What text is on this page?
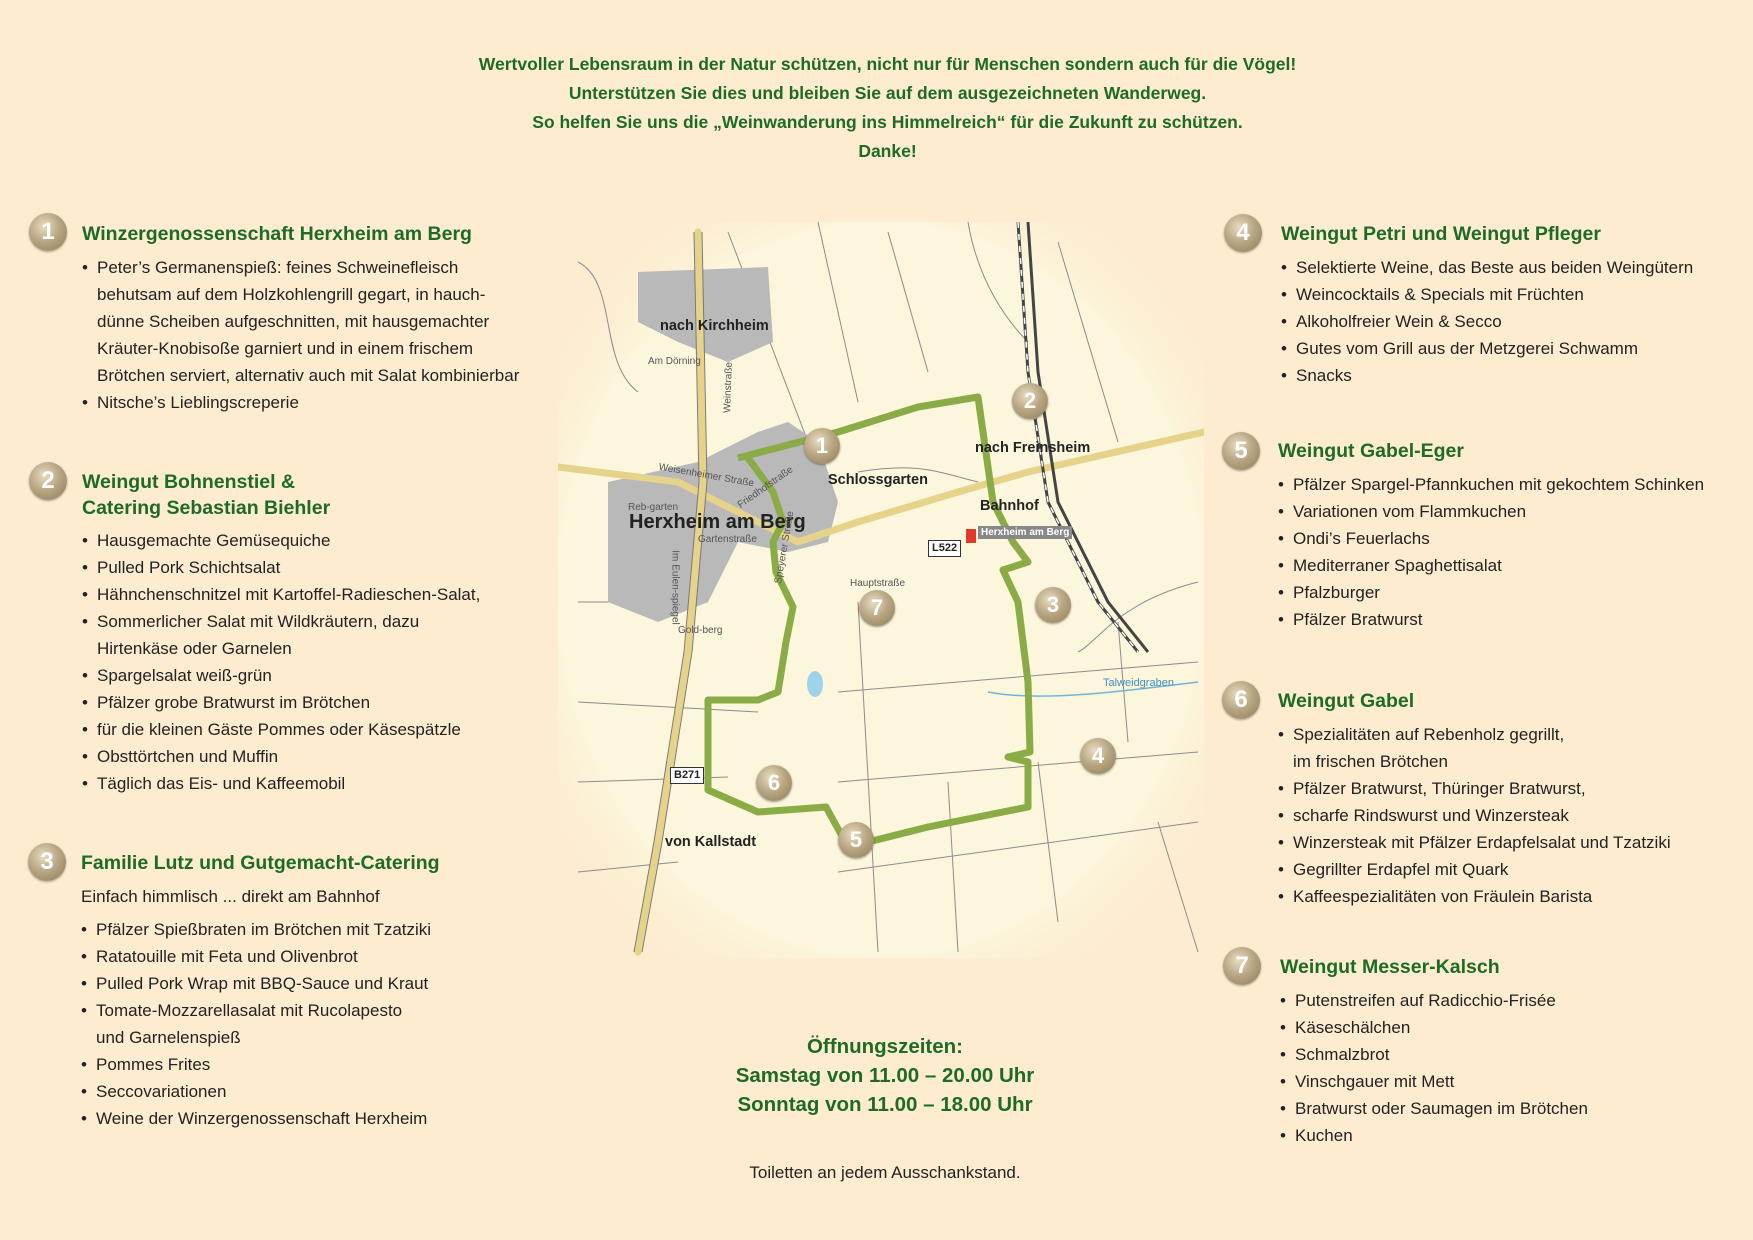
Wertvoller Lebensraum in der Natur schützen, nicht nur für Menschen sondern auch für die Vögel!
Unterstützen Sie dies und bleiben Sie auf dem ausgezeichneten Wanderweg.
So helfen Sie uns die „Weinwanderung ins Himmelreich“ für die Zukunft zu schützen.
Danke!
1	Winzergenossenschaft Herxheim am Berg
• Peter’s Germanenspieß: feines Schweinefleisch
behutsam auf dem Holzkohlengrill gegart, in hauch-
dünne Scheiben aufgeschnitten, mit hausgemachter
Kräuter-Knobisoße garniert und in einem frischem
Brötchen serviert, alternativ auch mit Salat kombinierbar
• Nitsche’s Lieblingscreperie
2	Weingut Bohnenstiel &
Catering Sebastian Biehler
• Hausgemachte Gemüsequiche
• Pulled Pork Schichtsalat
• Hähnchenschnitzel mit Kartoffel-Radieschen-Salat,
• Sommerlicher Salat mit Wildkräutern, dazu
Hirtenkäse oder Garnelen
• Spargelsalat weiß-grün
• Pfälzer grobe Bratwurst im Brötchen
• für die kleinen Gäste Pommes oder Käsespätzle
• Obsttörtchen und Muffin
• Täglich das Eis- und Kaffeemobil
3	Familie Lutz und Gutgemacht-Catering
Einfach himmlisch ... direkt am Bahnhof
• Pfälzer Spießbraten im Brötchen mit Tzatziki
• Ratatouille mit Feta und Olivenbrot
• Pulled Pork Wrap mit BBQ-Sauce und Kraut
• Tomate-Mozzarellasalat mit Rucolapesto
und Garnelenspieß
• Pommes Frites
• Seccovariationen
• Weine der Winzergenossenschaft Herxheim
4	Weingut Petri und Weingut Pfleger
• Selektierte Weine, das Beste aus beiden Weingütern
• Weincocktails & Specials mit Früchten
• Alkoholfreier Wein & Secco
• Gutes vom Grill aus der Metzgerei Schwamm
• Snacks
5	Weingut Gabel-Eger
• Pfälzer Spargel-Pfannkuchen mit gekochtem Schinken
• Variationen vom Flammkuchen
• Ondi’s Feuerlachs
• Mediterraner Spaghettisalat
• Pfalzburger
• Pfälzer Bratwurst
6	Weingut Gabel
• Spezialitäten auf Rebenholz gegrillt,
im frischen Brötchen
• Pfälzer Bratwurst, Thüringer Bratwurst,
• scharfe Rindswurst und Winzersteak
• Winzersteak mit Pfälzer Erdapfelsalat und Tzatziki
• Gegrillter Erdapfel mit Quark
• Kaffeespezialitäten von Fräulein Barista
7	Weingut Messer-Kalsch
• Putenstreifen auf Radicchio-Frisée
• Käseschälchen
• Schmalzbrot
• Vinschgauer mit Mett
• Bratwurst oder Saumagen im Brötchen
• Kuchen
nach Kirchheim
nach Freinsheim
von Kallstadt
Schlossgarten
Bahnhof
Herxheim am Berg	Herxheim am Berg
Talweidgraben
Am Dörning
Weisenheimer Straße
Friedhofstraße
Weinstraße
Gartenstraße
Hauptstraße
Speyerer Straße
Im Eulen-spiegel
Gold-berg
Reb-garten
L522
B271
1
2
3
4
5
6
7
Öffnungszeiten:
Samstag von 11.00 – 20.00 Uhr
Sonntag von 11.00 – 18.00 Uhr
Toiletten an jedem Ausschankstand.
